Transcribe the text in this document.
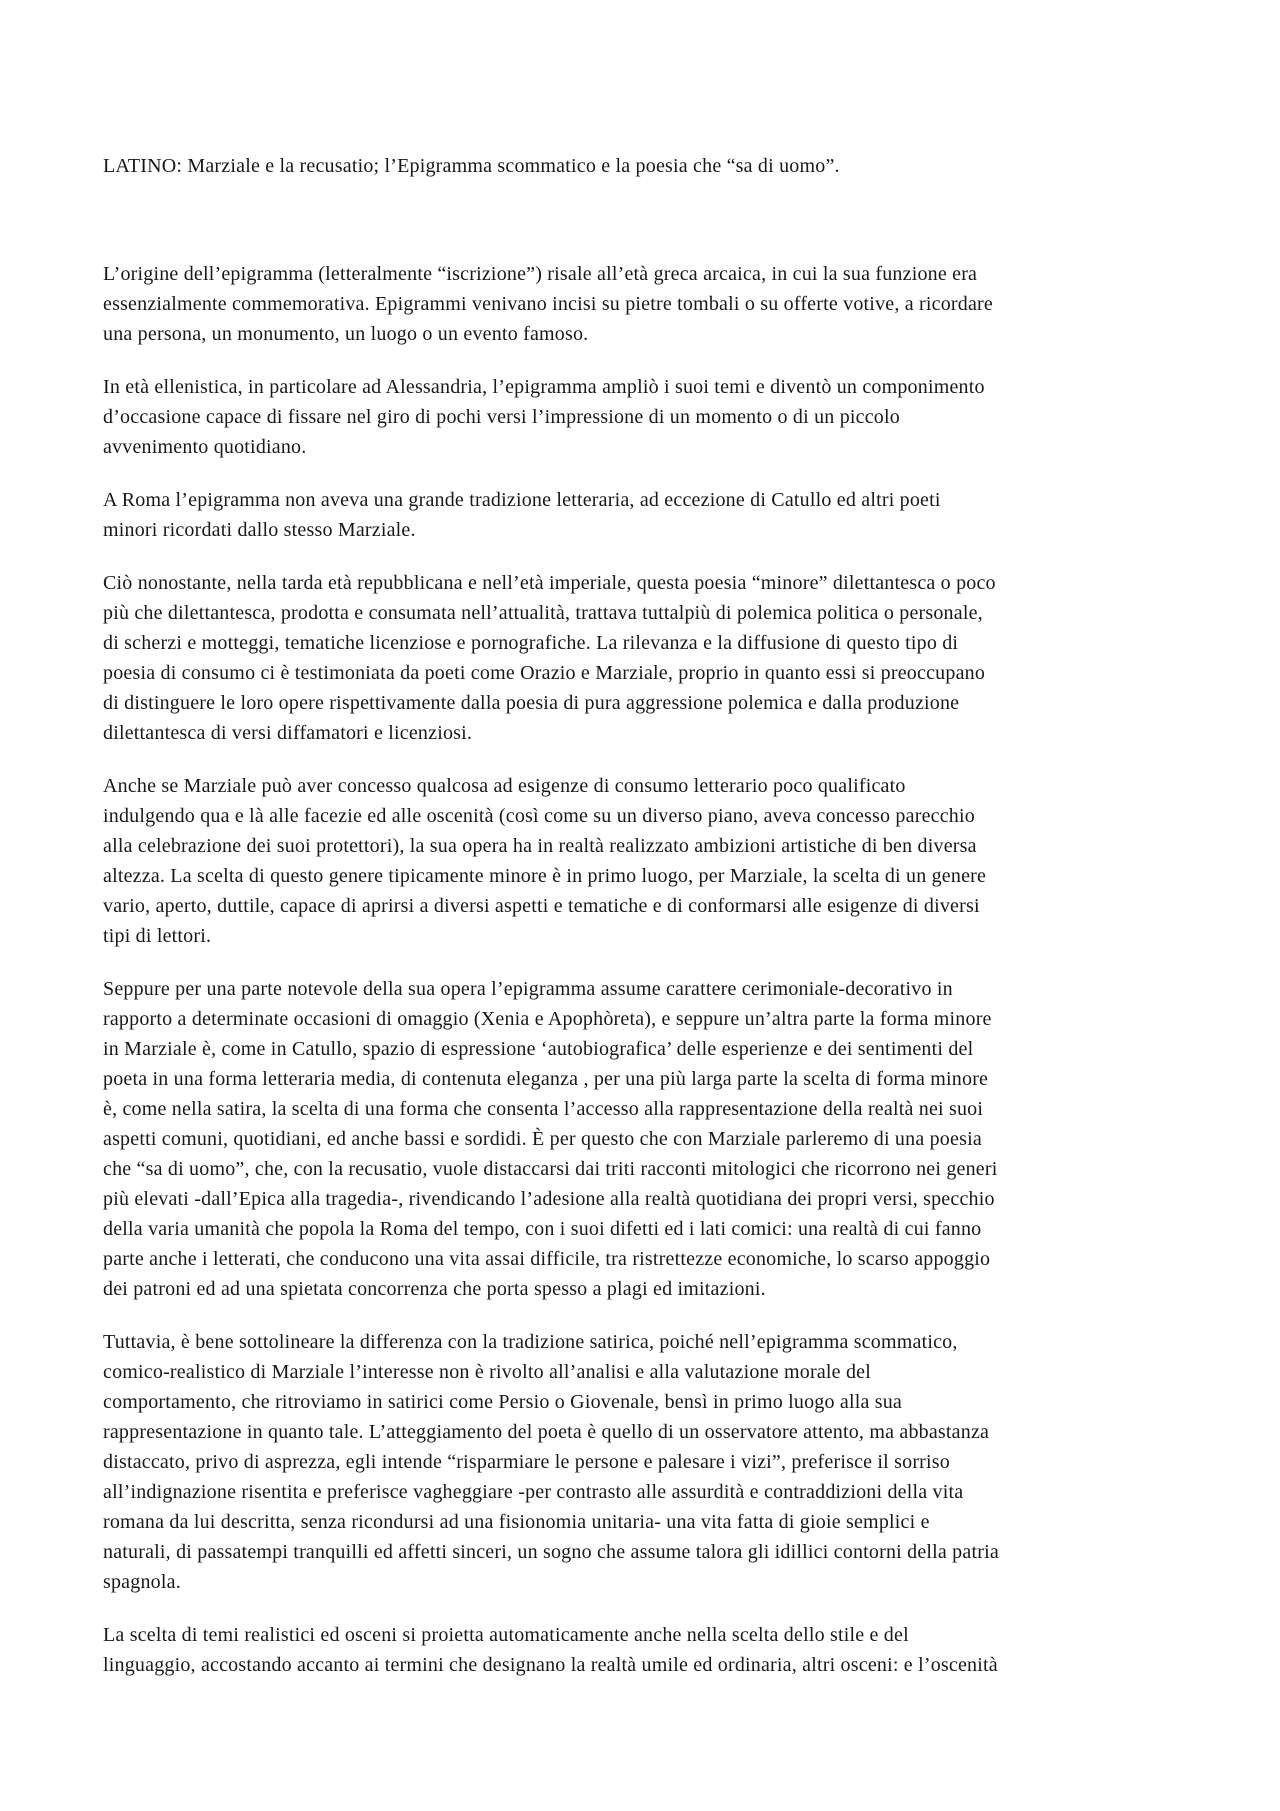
LATINO: Marziale e la recusatio; l’Epigramma scommatico e la poesia che “sa di uomo”.
L’origine dell’epigramma (letteralmente “iscrizione”) risale all’età greca arcaica, in cui la sua funzione era
essenzialmente commemorativa. Epigrammi venivano incisi su pietre tombali o su offerte votive, a ricordare
una persona, un monumento, un luogo o un evento famoso.
In età ellenistica, in particolare ad Alessandria, l’epigramma ampliò i suoi temi e diventò un componimento
d’occasione capace di fissare nel giro di pochi versi l’impressione di un momento o di un piccolo
avvenimento quotidiano.
A Roma l’epigramma non aveva una grande tradizione letteraria, ad eccezione di Catullo ed altri poeti
minori ricordati dallo stesso Marziale.
Ciò nonostante, nella tarda età repubblicana e nell’età imperiale, questa poesia “minore” dilettantesca o poco
più che dilettantesca, prodotta e consumata nell’attualità, trattava tuttalpiù di polemica politica o personale,
di scherzi e motteggi, tematiche licenziose e pornografiche. La rilevanza e la diffusione di questo tipo di
poesia di consumo ci è testimoniata da poeti come Orazio e Marziale, proprio in quanto essi si preoccupano
di distinguere le loro opere rispettivamente dalla poesia di pura aggressione polemica e dalla produzione
dilettantesca di versi diffamatori e licenziosi.
Anche se Marziale può aver concesso qualcosa ad esigenze di consumo letterario poco qualificato
indulgendo qua e là alle facezie ed alle oscenità (così come su un diverso piano, aveva concesso parecchio
alla celebrazione dei suoi protettori), la sua opera ha in realtà realizzato ambizioni artistiche di ben diversa
altezza. La scelta di questo genere tipicamente minore è in primo luogo, per Marziale, la scelta di un genere
vario, aperto, duttile, capace di aprirsi a diversi aspetti e tematiche e di conformarsi alle esigenze di diversi
tipi di lettori.
Seppure per una parte notevole della sua opera l’epigramma assume carattere cerimoniale-decorativo in
rapporto a determinate occasioni di omaggio (Xenia e Apophòreta), e seppure un’altra parte la forma minore
in Marziale è, come in Catullo, spazio di espressione ‘autobiografica’ delle esperienze e dei sentimenti del
poeta in una forma letteraria media, di contenuta eleganza , per una più larga parte la scelta di forma minore
è, come nella satira, la scelta di una forma che consenta l’accesso alla rappresentazione della realtà nei suoi
aspetti comuni, quotidiani, ed anche bassi e sordidi. È per questo che con Marziale parleremo di una poesia
che “sa di uomo”, che, con la recusatio, vuole distaccarsi dai triti racconti mitologici che ricorrono nei generi
più elevati -dall’Epica alla tragedia-, rivendicando l’adesione alla realtà quotidiana dei propri versi, specchio
della varia umanità che popola la Roma del tempo, con i suoi difetti ed i lati comici: una realtà di cui fanno
parte anche i letterati, che conducono una vita assai difficile, tra ristrettezze economiche, lo scarso appoggio
dei patroni ed ad una spietata concorrenza che porta spesso a plagi ed imitazioni.
Tuttavia, è bene sottolineare la differenza con la tradizione satirica, poiché nell’epigramma scommatico,
comico-realistico di Marziale l’interesse non è rivolto all’analisi e alla valutazione morale del
comportamento, che ritroviamo in satirici come Persio o Giovenale, bensì in primo luogo alla sua
rappresentazione in quanto tale. L’atteggiamento del poeta è quello di un osservatore attento, ma abbastanza
distaccato, privo di asprezza, egli intende “risparmiare le persone e palesare i vizi”, preferisce il sorriso
all’indignazione risentita e preferisce vagheggiare -per contrasto alle assurdità e contraddizioni della vita
romana da lui descritta, senza ricondursi ad una fisionomia unitaria- una vita fatta di gioie semplici e
naturali, di passatempi tranquilli ed affetti sinceri, un sogno che assume talora gli idillici contorni della patria
spagnola.
La scelta di temi realistici ed osceni si proietta automaticamente anche nella scelta dello stile e del
linguaggio, accostando accanto ai termini che designano la realtà umile ed ordinaria, altri osceni: e l’oscenità
